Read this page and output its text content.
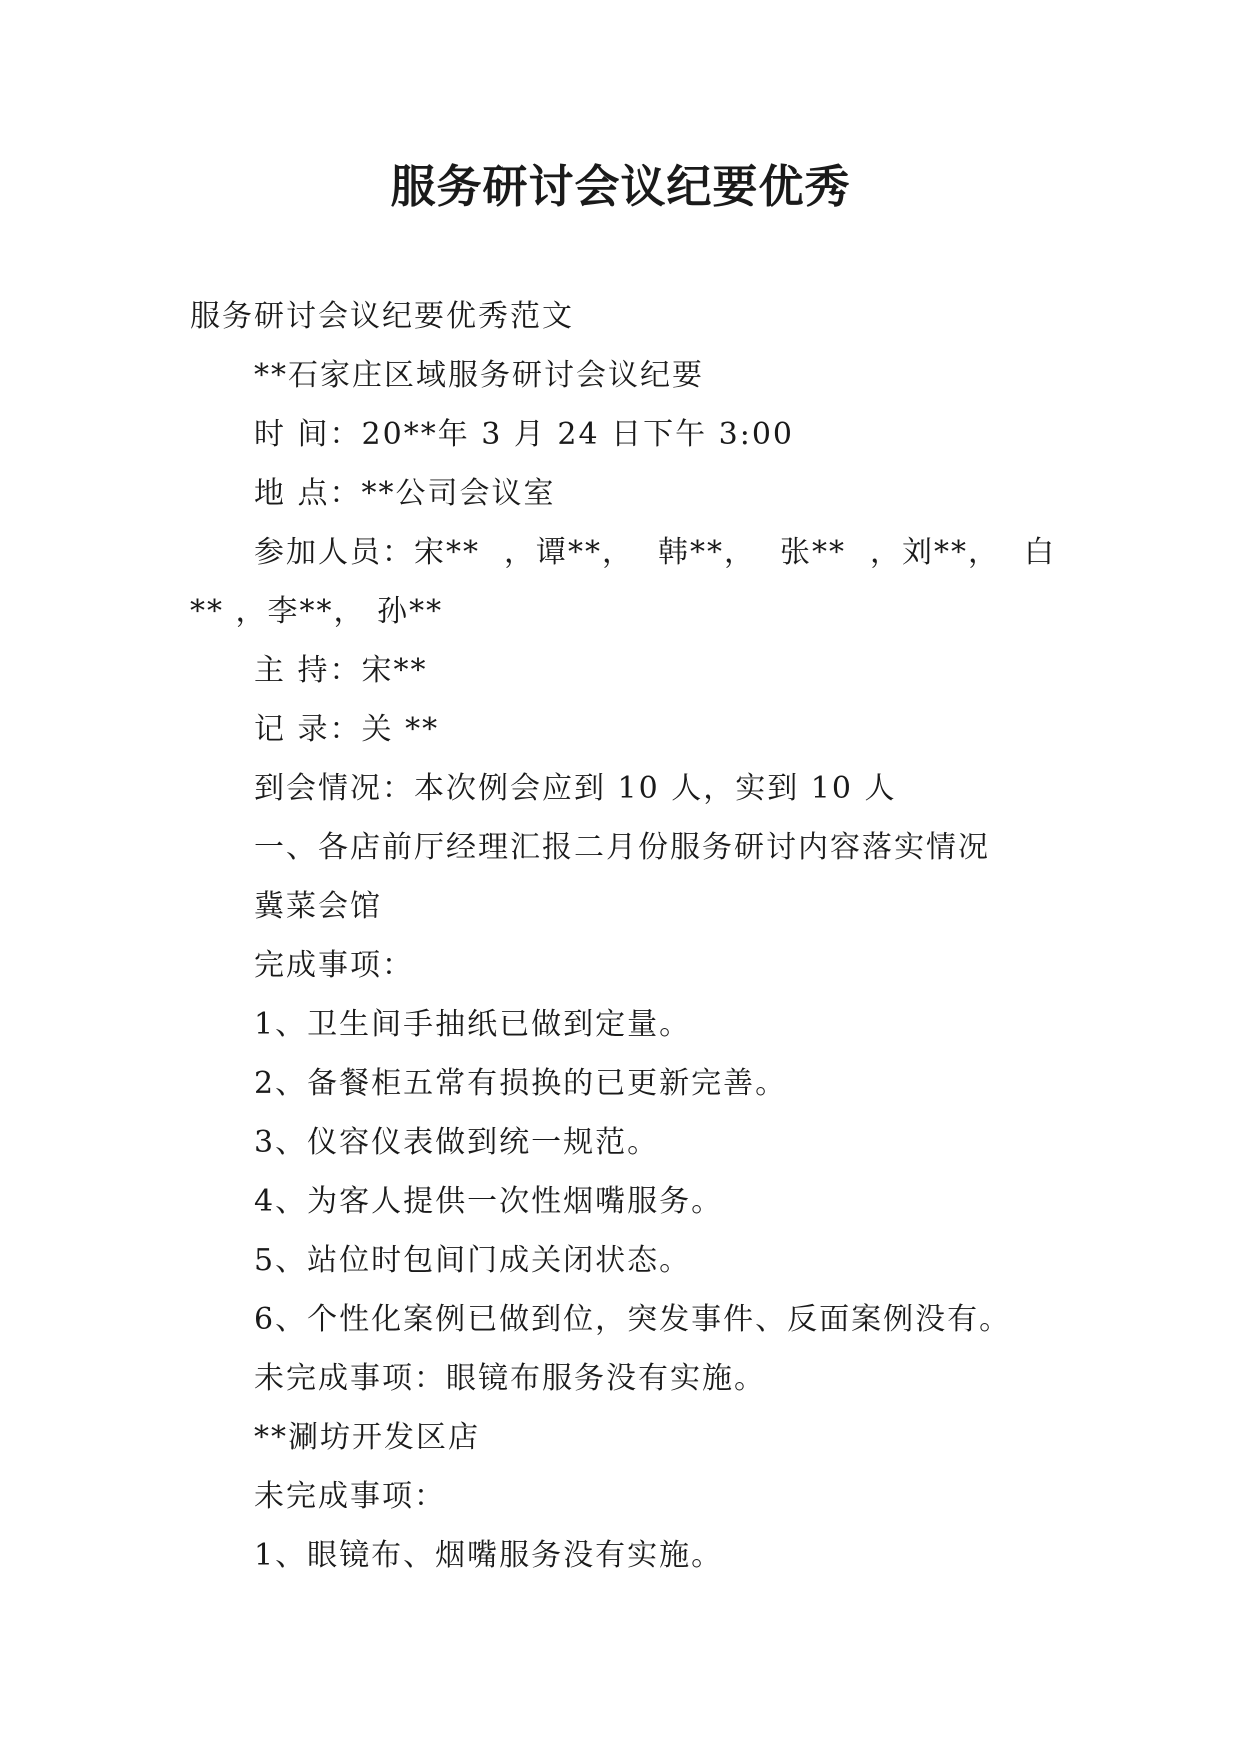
服务研讨会议纪要优秀

服务研讨会议纪要优秀范文

**石家庄区域服务研讨会议纪要

时 间：20**年 3 月 24 日下午 3:00

地 点：**公司会议室

参加人员：宋** ，谭**， 韩**， 张** ，刘**， 白

** ，李**， 孙**

主 持：宋**

记 录：关 **

到会情况：本次例会应到 10 人，实到 10 人

一、各店前厅经理汇报二月份服务研讨内容落实情况

冀菜会馆

完成事项：

1、卫生间手抽纸已做到定量。

2、备餐柜五常有损换的已更新完善。

3、仪容仪表做到统一规范。

4、为客人提供一次性烟嘴服务。

5、站位时包间门成关闭状态。

6、个性化案例已做到位，突发事件、反面案例没有。

未完成事项：眼镜布服务没有实施。

**涮坊开发区店

未完成事项：

1、眼镜布、烟嘴服务没有实施。
